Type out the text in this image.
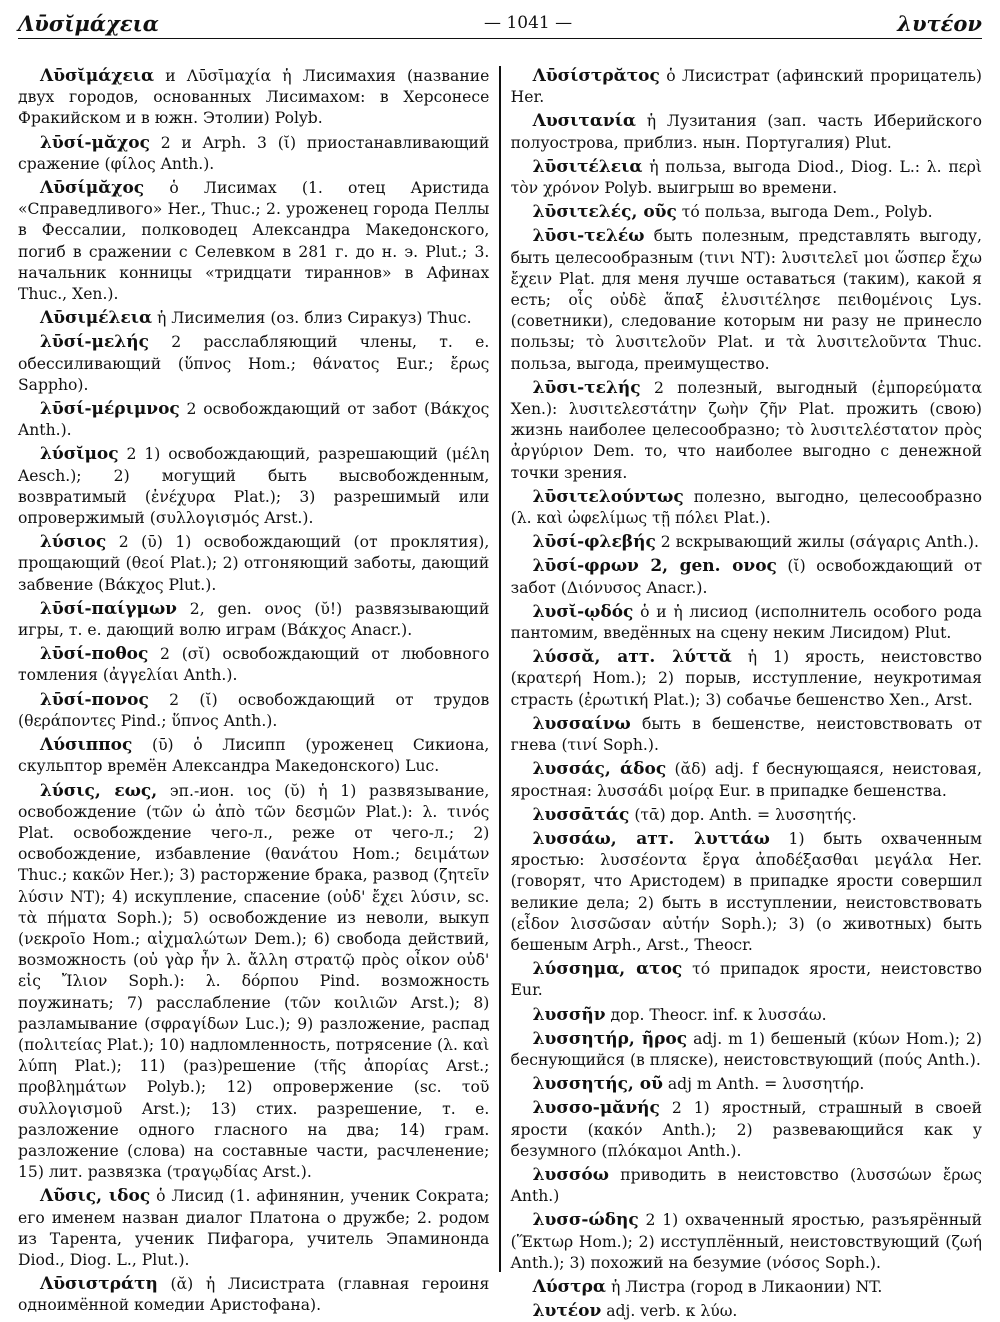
Λῡσῐμάχεια	— 1041 —	λυτέον

Λῡσῐμάχεια и Λῡσῑμαχία ἡ Лисимахия (название двух городов, основанных Лисимахом: в Херсонесе Фракийском и в южн. Этолии) Polyb.

λῡσί-μᾰχος 2 и Arph. 3 (ῐ) приостанавливающий сражение (φίλος Anth.).

Λῡσίμᾰχος ὁ Лисимах (1. отец Аристида «Справедливого» Her., Thuc.; 2. уроженец города Пеллы в Фессалии, полководец Александра Македонского, погиб в сражении с Селевком в 281 г. до н. э. Plut.; 3. начальник конницы «тридцати тираннов» в Афинах Thuc., Xen.).

Λῡσιμέλεια ἡ Лисимелия (оз. близ Сиракуз) Thuc.

λῡσί-μελής 2 расслабляющий члены, т. е. обессиливающий (ὕπνος Hom.; θάνατος Eur.; ἔρως Sappho).

λῡσί-μέριμνος 2 освобождающий от забот (Βάκχος Anth.).

λύσῐμος 2 1) освобождающий, разрешающий (μέλη Aesch.); 2) могущий быть высвобожденным, возвратимый (ἐνέχυρα Plat.); 3) разрешимый или опровержимый (συλλογισμός Arst.).

λύσιος 2 (ῡ) 1) освобождающий (от проклятия), прощающий (θεοί Plat.); 2) отгоняющий заботы, дающий забвение (Βάκχος Plut.).

λῡσί-παίγμων 2, gen. ονος (ῠ!) развязывающий игры, т. е. дающий волю играм (Βάκχος Anacr.).

λῡσί-ποθος 2 (σῐ) освобождающий от любовного томления (ἀγγελίαι Anth.).

λῡσί-πονος 2 (ῐ) освобождающий от трудов (θεράποντες Pind.; ὕπνος Anth.).

Λύσιππος (ῡ) ὁ Лисипп (уроженец Сикиона, скульптор времён Александра Македонского) Luc.

λύσις, εως, эп.-ион. ιος (ῠ) ἡ 1) развязывание, освобождение (τῶν ὠ ἀπὸ τῶν δεσμῶν Plat.): λ. τινός Plat. освобождение чего-л., реже от чего-л.; 2) освобождение, избавление (θανάτου Hom.; δειμάτων Thuc.; κακῶν Her.); 3) расторжение брака, развод (ζητεῖν λύσιν NT); 4) искупление, спасение (οὐδ' ἔχει λύσιν, sc. τὰ πήματα Soph.); 5) освобождение из неволи, выкуп (νεκροῖο Hom.; αἰχμαλώτων Dem.); 6) свобода действий, возможность (οὐ γὰρ ἦν λ. ἄλλη στρατῷ πρὸς οἶκον οὐδ' εἰς Ἴλιον Soph.): λ. δόρπου Pind. возможность поужинать; 7) расслабление (τῶν κοιλιῶν Arst.); 8) разламывание (σφραγίδων Luc.); 9) разложение, распад (πολιτείας Plat.); 10) надломленность, потрясение (λ. καὶ λύπη Plat.); 11) (раз)решение (τῆς ἀπορίας Arst.; προβλημάτων Polyb.); 12) опровержение (sc. τοῦ συλλογισμοῦ Arst.); 13) стих. разрешение, т. е. разложение одного гласного на два; 14) грам. разложение (слова) на составные части, расчленение; 15) лит. развязка (τραγῳδίας Arst.).

Λῦσις, ιδος ὁ Лисид (1. афинянин, ученик Сократа; его именем назван диалог Платона о дружбе; 2. родом из Тарента, ученик Пифагора, учитель Эпаминонда Diod., Diog. L., Plut.).

Λῡσιστράτη (ᾰ) ἡ Лисистрата (главная героиня одноимённой комедии Аристофана).

Λῡσίστρᾰτος ὁ Лисистрат (афинский прорицатель) Her.

Λυσιτανία ἡ Лузитания (зап. часть Иберийского полуострова, приблиз. нын. Португалия) Plut.

λῡσιτέλεια ἡ польза, выгода Diod., Diog. L.: λ. περὶ τὸν χρόνον Polyb. выигрыш во времени.

λῡσιτελές, οῦς τό польза, выгода Dem., Polyb.

λῡσι-τελέω быть полезным, представлять выгоду, быть целесообразным (τινι NT): λυσιτελεῖ μοι ὥσπερ ἔχω ἔχειν Plat. для меня лучше оставаться (таким), какой я есть; οἷς οὐδὲ ἅπαξ ἐλυσιτέλησε πειθομένοις Lys. (советники), следование которым ни разу не принесло пользы; τὸ λυσιτελοῦν Plat. и τὰ λυσιτελοῦντα Thuc. польза, выгода, преимущество.

λῡσι-τελής 2 полезный, выгодный (ἐμπορεύματα Xen.): λυσιτελεστάτην ζωὴν ζῆν Plat. прожить (свою) жизнь наиболее целесообразно; τὸ λυσιτελέστατον πρὸς ἀργύριον Dem. то, что наиболее выгодно с денежной точки зрения.

λῡσιτελούντως полезно, выгодно, целесообразно (λ. καὶ ὠφελίμως τῇ πόλει Plat.).

λῡσί-φλεβής 2 вскрывающий жилы (σάγαρις Anth.).

λῡσί-φρων 2, gen. ονος (ῐ) освобождающий от забот (Διόνυσος Anacr.).

λυσῐ-ῳδός ὁ и ἡ лисиод (исполнитель особого рода пантомим, введённых на сцену неким Лисидом) Plut.

λύσσᾰ, атт. λύττᾰ ἡ 1) ярость, неистовство (κρατερή Hom.); 2) порыв, исступление, неукротимая страсть (ἐρωτική Plat.); 3) собачье бешенство Xen., Arst.

λυσσαίνω быть в бешенстве, неистовствовать от гнева (τινί Soph.).

λυσσάς, άδος (ᾰδ) adj. f беснующаяся, неистовая, яростная: λυσσάδι μοίρᾳ Eur. в припадке бешенства.

λυσσᾱτάς (τᾱ) дор. Anth. = λυσσητής.

λυσσάω, атт. λυττάω 1) быть охваченным яростью: λυσσέοντα ἔργα ἀποδέξασθαι μεγάλα Her. (говорят, что Аристодем) в припадке ярости совершил великие дела; 2) быть в исступлении, неистовствовать (εἶδον λισσῶσαν αὐτήν Soph.); 3) (о животных) быть бешеным Arph., Arst., Theocr.

λύσσημα, ατος τό припадок ярости, неистовство Eur.

λυσσῆν дор. Theocr. inf. к λυσσάω.

λυσσητήρ, ῆρος adj. m 1) бешеный (κύων Hom.); 2) беснующийся (в пляске), неистовствующий (πούς Anth.).

λυσσητής, οῦ adj m Anth. = λυσσητήρ.

λυσσο-μᾰνής 2 1) яростный, страшный в своей ярости (κακόν Anth.); 2) развевающийся как у безумного (πλόκαμοι Anth.).

λυσσόω приводить в неистовство (λυσσώων ἔρως Anth.)

λυσσ-ώδης 2 1) охваченный яростью, разъярённый (Ἕκτωρ Hom.); 2) исступлённый, неистовствующий (ζωή Anth.); 3) похожий на безумие (νόσος Soph.).

Λύστρα ἡ Листра (город в Ликаонии) NT.

λυτέον adj. verb. к λύω.
